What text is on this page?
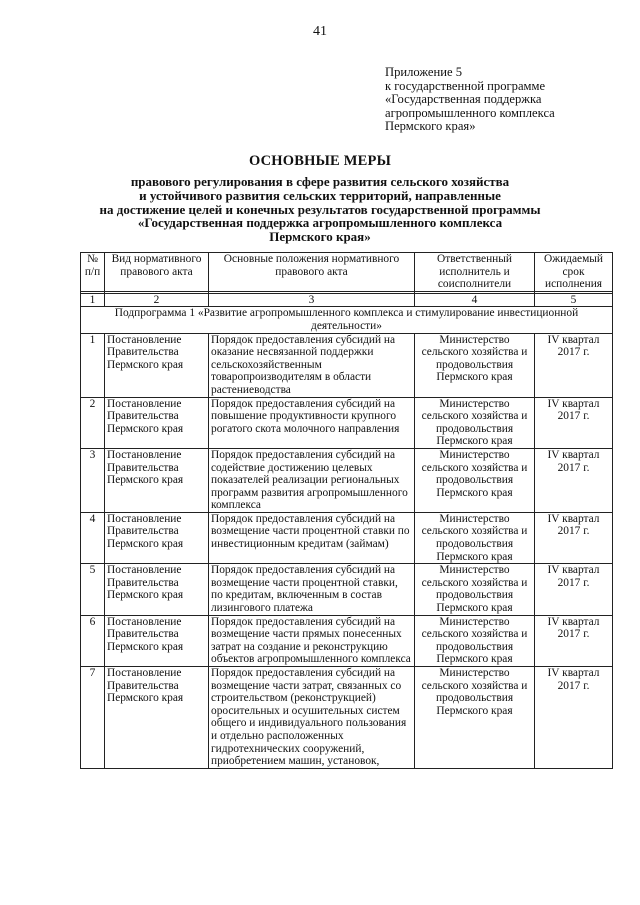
41
Приложение 5
к государственной программе
«Государственная поддержка
агропромышленного комплекса
Пермского края»
ОСНОВНЫЕ МЕРЫ
правового регулирования в сфере развития сельского хозяйства
и устойчивого развития сельских территорий, направленные
на достижение целей и конечных результатов государственной программы
«Государственная поддержка агропромышленного комплекса
Пермского края»
№ п/п	Вид нормативного правового акта	Основные положения нормативного правового акта	Ответственный исполнитель и соисполнители	Ожидаемый срок исполнения

1	2	3	4	5
Подпрограмма 1 «Развитие агропромышленного комплекса и стимулирование инвестиционной деятельности»				
1	Постановление Правительства Пермского края	Порядок предоставления субсидий на оказание несвязанной поддержки сельскохозяйственным товаропроизводителям в области растениеводства	Министерство сельского хозяйства и продовольствия Пермского края	IV квартал 2017 г.
2	Постановление Правительства Пермского края	Порядок предоставления субсидий на повышение продуктивности крупного рогатого скота молочного направления	Министерство сельского хозяйства и продовольствия Пермского края	IV квартал 2017 г.
3	Постановление Правительства Пермского края	Порядок предоставления субсидий на содействие достижению целевых показателей реализации региональных программ развития агропромышленного комплекса	Министерство сельского хозяйства и продовольствия Пермского края	IV квартал 2017 г.
4	Постановление Правительства Пермского края	Порядок предоставления субсидий на возмещение части процентной ставки по инвестиционным кредитам (займам)	Министерство сельского хозяйства и продовольствия Пермского края	IV квартал 2017 г.
5	Постановление Правительства Пермского края	Порядок предоставления субсидий на возмещение части процентной ставки, по кредитам, включенным в состав лизингового платежа	Министерство сельского хозяйства и продовольствия Пермского края	IV квартал 2017 г.
6	Постановление Правительства Пермского края	Порядок предоставления субсидий на возмещение части прямых понесенных затрат на создание и реконструкцию объектов агропромышленного комплекса	Министерство сельского хозяйства и продовольствия Пермского края	IV квартал 2017 г.
7	Постановление Правительства Пермского края	Порядок предоставления субсидий на возмещение части затрат, связанных со строительством (реконструкцией) оросительных и осушительных систем общего и индивидуального пользования и отдельно расположенных гидротехнических сооружений, приобретением машин, установок,	Министерство сельского хозяйства и продовольствия Пермского края	IV квартал 2017 г.
